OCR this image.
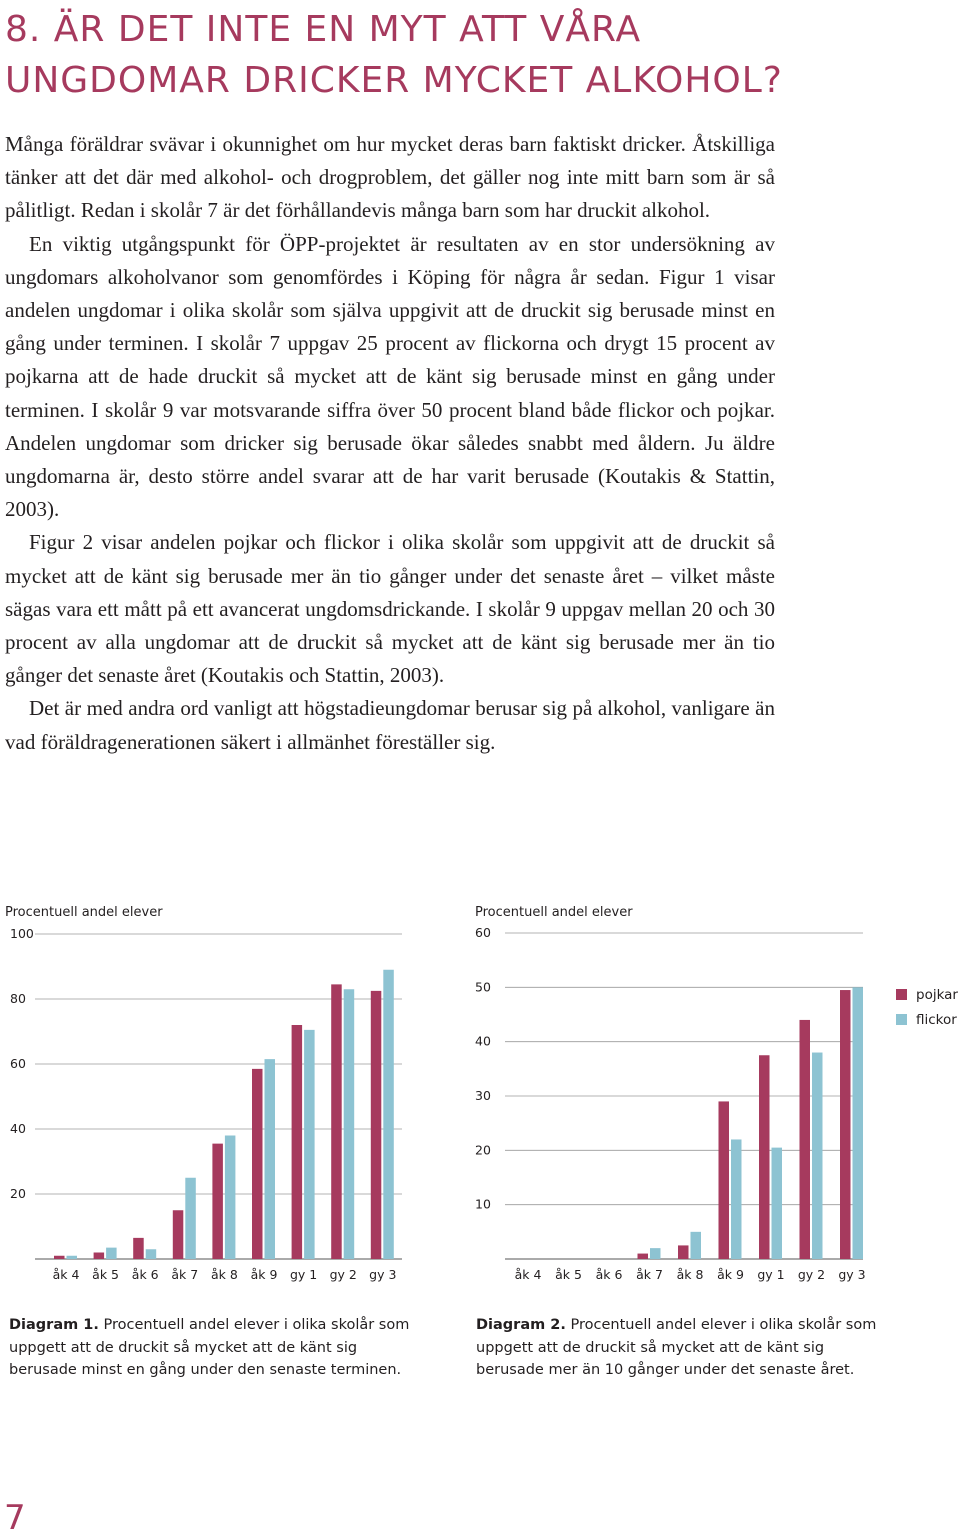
8. ÄR DET INTE EN MYT ATT VÅRA
UNGDOMAR DRICKER MYCKET ALKOHOL?

Många föräldrar svävar i okunnighet om hur mycket deras barn faktiskt dricker. Åtskilliga tänker att det där med alkohol- och drogproblem, det gäller nog inte mitt barn som är så pålitligt. Redan i skolår 7 är det förhållandevis många barn som har druckit alkohol.

En viktig utgångspunkt för ÖPP-projektet är resultaten av en stor undersökning av ungdomars alkoholvanor som genomfördes i Köping för några år sedan. Figur 1 visar andelen ungdomar i olika skolår som själva uppgivit att de druckit sig berusade minst en gång under terminen. I skolår 7 uppgav 25 procent av flickorna och drygt 15 procent av pojkarna att de hade druckit så mycket att de känt sig berusade minst en gång under terminen. I skolår 9 var motsvarande siffra över 50 procent bland både flickor och pojkar. Andelen ungdomar som dricker sig berusade ökar således snabbt med åldern. Ju äldre ungdomarna är, desto större andel svarar att de har varit berusade (Koutakis & Stattin, 2003).

Figur 2 visar andelen pojkar och flickor i olika skolår som uppgivit att de druckit så mycket att de känt sig berusade mer än tio gånger under det senaste året – vilket måste sägas vara ett mått på ett avancerat ungdomsdrickande. I skolår 9 uppgav mellan 20 och 30 procent av alla ungdomar att de druckit så mycket att de känt sig berusade mer än tio gånger det senaste året (Koutakis och Stattin, 2003).

Det är med andra ord vanligt att högstadieungdomar berusar sig på alkohol, vanligare än vad föräldragenerationen säkert i allmänhet föreställer sig.

Procentuell andel elever
20
40
60
80
100
åk 4 åk 5 åk 6 åk 7 åk 8 åk 9 gy 1 gy 2 gy 3
Procentuell andel elever
10
20
30
40
50
60
åk 4 åk 5 åk 6 åk 7 åk 8 åk 9 gy 1 gy 2 gy 3
pojkar
flickor
Diagram 1. Procentuell andel elever i olika skolår som uppgett att de druckit så mycket att de känt sig berusade minst en gång under den senaste terminen.
Diagram 2. Procentuell andel elever i olika skolår som uppgett att de druckit så mycket att de känt sig berusade mer än 10 gånger under det senaste året.
7
